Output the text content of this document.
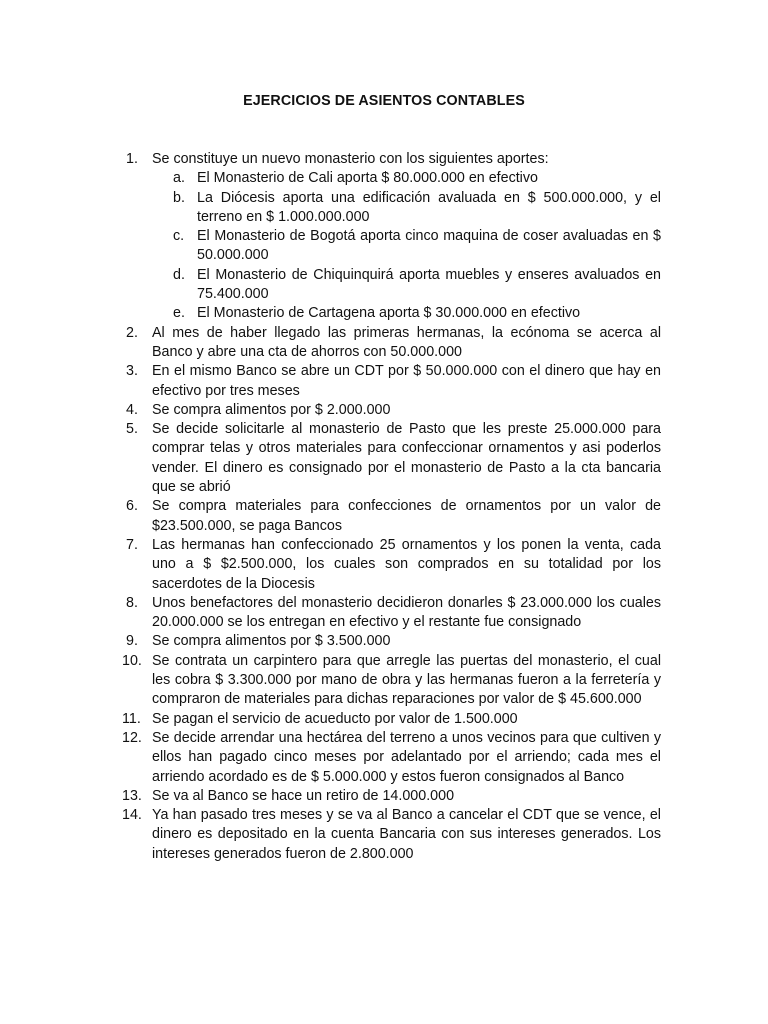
EJERCICIOS DE ASIENTOS CONTABLES
1. Se constituye un nuevo monasterio con los siguientes aportes:
a. El Monasterio de Cali aporta $ 80.000.000 en efectivo
b. La Diócesis aporta una edificación avaluada en $ 500.000.000, y el terreno en $ 1.000.000.000
c. El Monasterio de Bogotá aporta cinco maquina de coser avaluadas en $ 50.000.000
d. El Monasterio de Chiquinquirá aporta muebles y enseres avaluados en 75.400.000
e. El Monasterio de Cartagena aporta $ 30.000.000 en efectivo
2. Al mes de haber llegado las primeras hermanas, la ecónoma se acerca al Banco y abre una cta de ahorros con 50.000.000
3. En el mismo Banco se abre un CDT por $ 50.000.000 con el dinero que hay en efectivo por tres meses
4. Se compra alimentos por $ 2.000.000
5. Se decide solicitarle al monasterio de Pasto que les preste 25.000.000 para comprar telas y otros materiales para confeccionar ornamentos y asi poderlos vender. El dinero es consignado por el monasterio de Pasto a la cta bancaria que se abrió
6. Se compra materiales para confecciones de ornamentos por un valor de $23.500.000, se paga Bancos
7. Las hermanas han confeccionado 25 ornamentos y los ponen la venta, cada uno a $ $2.500.000, los cuales son comprados en su totalidad por los sacerdotes de la Diocesis
8. Unos benefactores del monasterio decidieron donarles $ 23.000.000 los cuales 20.000.000 se los entregan en efectivo y el restante fue consignado
9. Se compra alimentos por $ 3.500.000
10. Se contrata un carpintero para que arregle las puertas del monasterio, el cual les cobra $ 3.300.000 por mano de obra y las hermanas fueron a la ferretería y compraron de materiales para dichas reparaciones por valor de $ 45.600.000
11. Se pagan el servicio de acueducto por valor de 1.500.000
12. Se decide arrendar una hectárea del terreno a unos vecinos para que cultiven y ellos han pagado cinco meses por adelantado por el arriendo; cada mes el arriendo acordado es de $ 5.000.000 y estos fueron consignados al Banco
13. Se va al Banco se hace un retiro de 14.000.000
14. Ya han pasado tres meses y se va al Banco a cancelar el CDT que se vence, el dinero es depositado en la cuenta Bancaria con sus intereses generados. Los intereses generados fueron de 2.800.000
